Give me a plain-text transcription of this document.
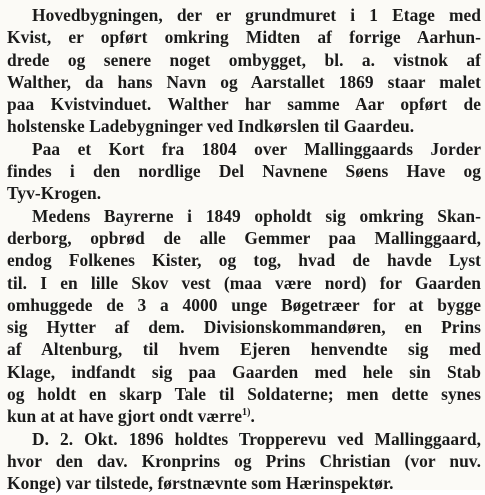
Hovedbygningen, der er grundmuret i 1 Etage med
Kvist, er opført omkring Midten af forrige Aarhun-
drede og senere noget ombygget, bl. a. vistnok af
Walther, da hans Navn og Aarstallet 1869 staar malet
paa Kvistvinduet. Walther har samme Aar opført de
holstenske Ladebygninger ved Indkørslen til Gaardeu.
Paa et Kort fra 1804 over Mallinggaards Jorder
findes i den nordlige Del Navnene Søens Have og
Tyv-Krogen.
Medens Bayrerne i 1849 opholdt sig omkring Skan-
derborg, opbrød de alle Gemmer paa Mallinggaard,
endog Folkenes Kister, og tog, hvad de havde Lyst
til. I en lille Skov vest (maa være nord) for Gaarden
omhuggede de 3 a 4000 unge Bøgetræer for at bygge
sig Hytter af dem. Divisionskommandøren, en Prins
af Altenburg, til hvem Ejeren henvendte sig med
Klage, indfandt sig paa Gaarden med hele sin Stab
og holdt en skarp Tale til Soldaterne; men dette synes
kun at at have gjort ondt værre$^{1)}$.
D. 2. Okt. 1896 holdtes Tropperevu ved Mallinggaard,
hvor den dav. Kronprins og Prins Christian (vor nuv.
Konge) var tilstede, førstnævnte som Hærinspektør.
